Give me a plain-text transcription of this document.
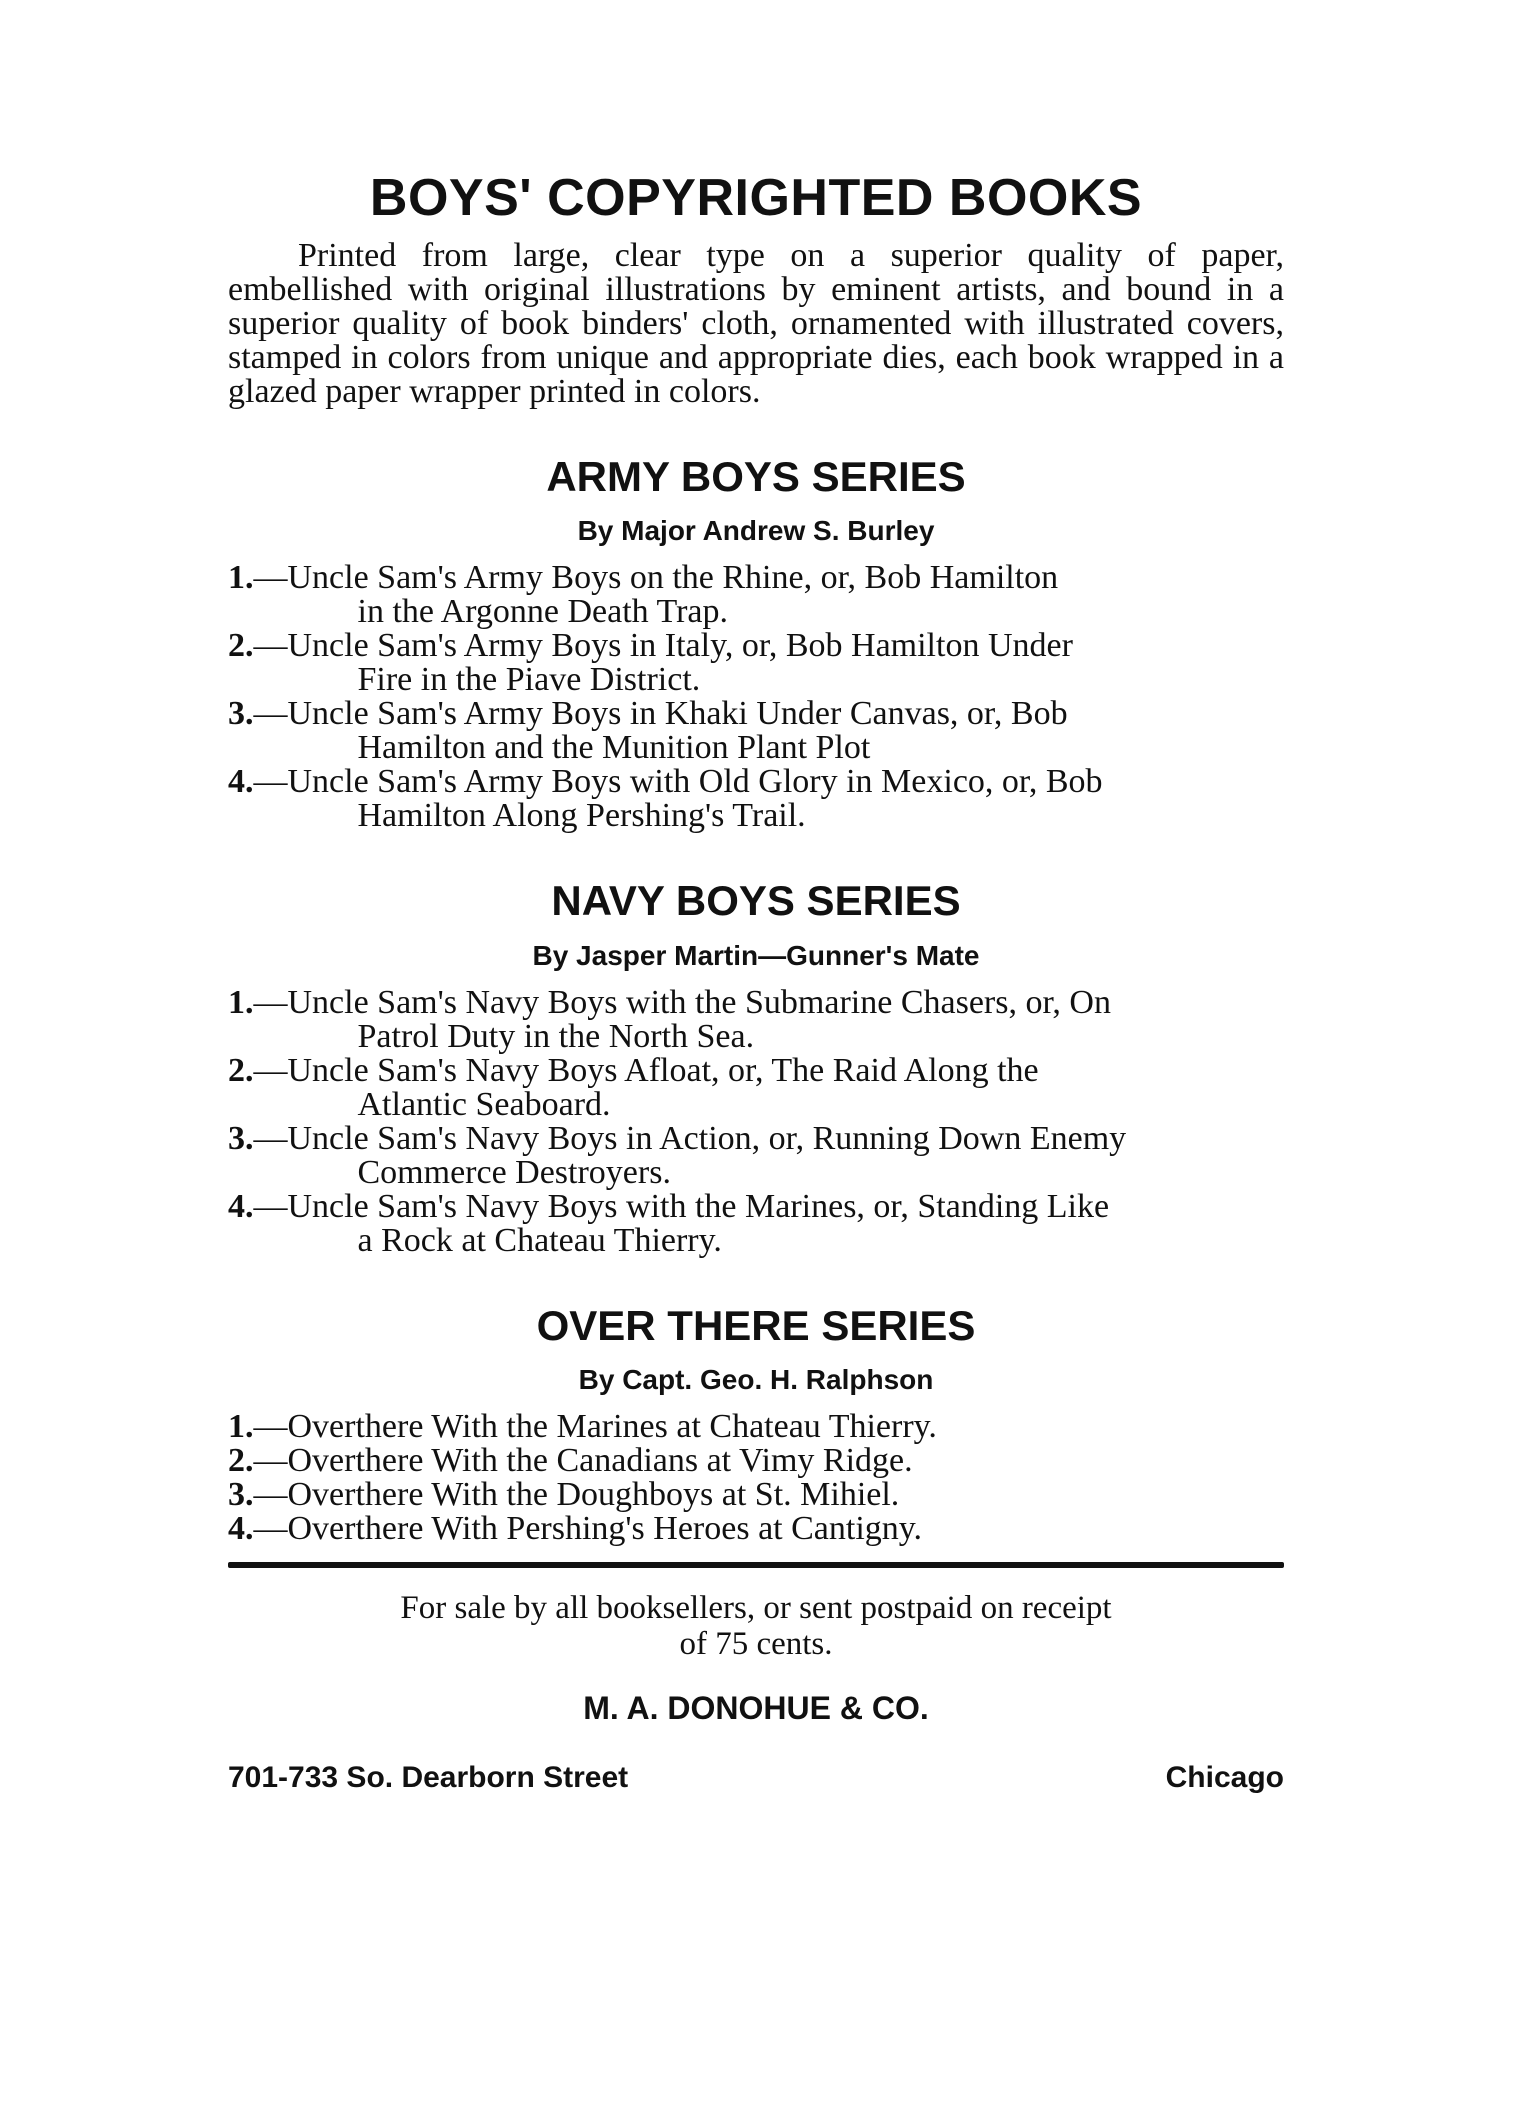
BOYS' COPYRIGHTED BOOKS

Printed from large, clear type on a superior quality of paper, embellished with original illustrations by eminent artists, and bound in a superior quality of book binders' cloth, ornamented with illustrated covers, stamped in colors from unique and appropriate dies, each book wrapped in a glazed paper wrapper printed in colors.

ARMY BOYS SERIES
By Major Andrew S. Burley
1.— Uncle Sam's Army Boys on the Rhine, or, Bob Hamilton
in the Argonne Death Trap.
2.— Uncle Sam's Army Boys in Italy, or, Bob Hamilton Under
Fire in the Piave District.
3.— Uncle Sam's Army Boys in Khaki Under Canvas, or, Bob
Hamilton and the Munition Plant Plot
4.— Uncle Sam's Army Boys with Old Glory in Mexico, or, Bob
Hamilton Along Pershing's Trail.
NAVY BOYS SERIES
By Jasper Martin—Gunner's Mate
1.— Uncle Sam's Navy Boys with the Submarine Chasers, or, On
Patrol Duty in the North Sea.
2.— Uncle Sam's Navy Boys Afloat, or, The Raid Along the
Atlantic Seaboard.
3.— Uncle Sam's Navy Boys in Action, or, Running Down Enemy
Commerce Destroyers.
4.— Uncle Sam's Navy Boys with the Marines, or, Standing Like
a Rock at Chateau Thierry.
OVER THERE SERIES
By Capt. Geo. H. Ralphson
1.— Overthere With the Marines at Chateau Thierry.
2.— Overthere With the Canadians at Vimy Ridge.
3.— Overthere With the Doughboys at St. Mihiel.
4.— Overthere With Pershing's Heroes at Cantigny.
For sale by all booksellers, or sent postpaid on receipt of 75 cents.
M. A. DONOHUE & CO.
701-733 So. Dearborn Street	Chicago
